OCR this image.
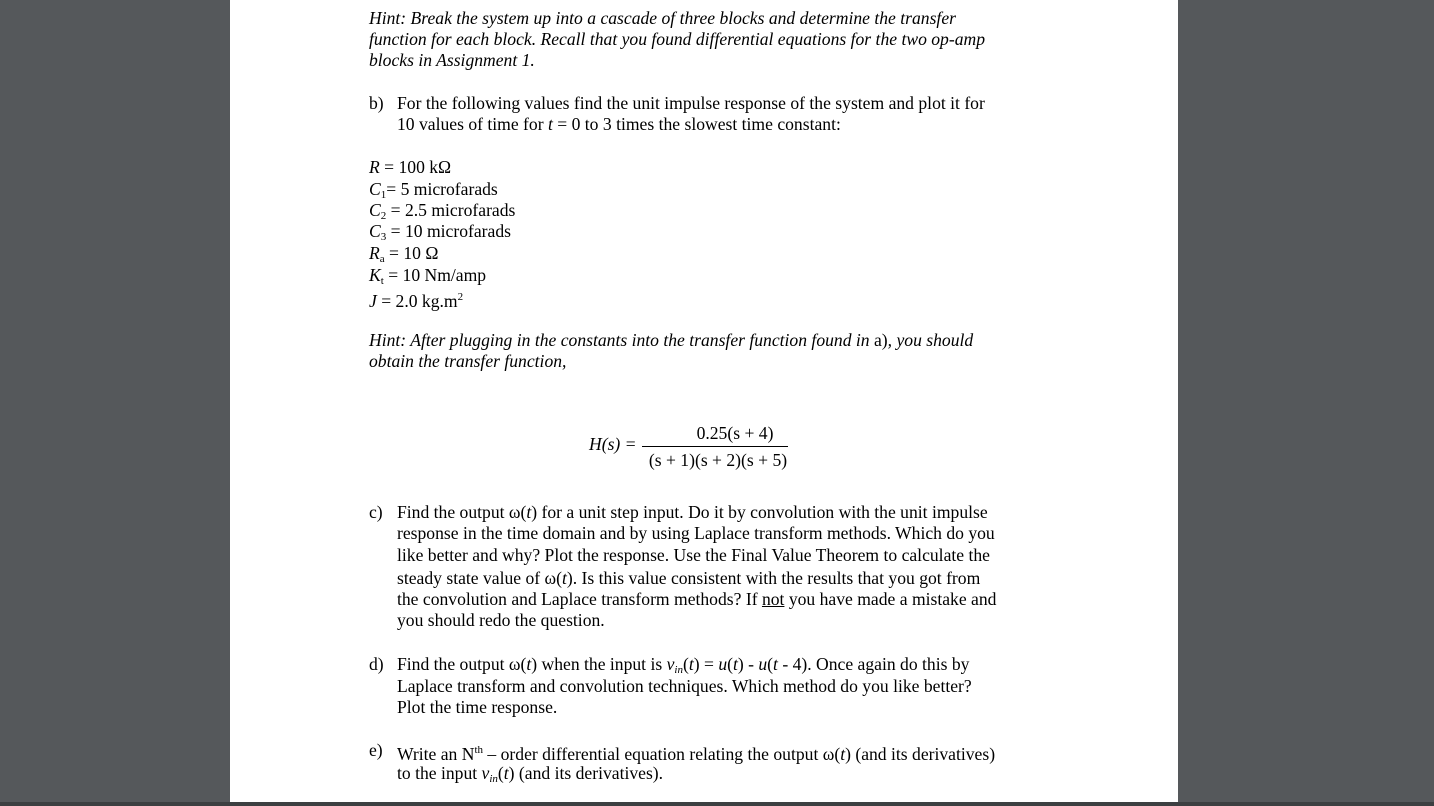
Hint: Break the system up into a cascade of three blocks and determine the transfer
function for each block. Recall that you found differential equations for the two op-amp
blocks in Assignment 1.
b) For the following values find the unit impulse response of the system and plot it for
10 values of time for t = 0 to 3 times the slowest time constant:
R = 100 kΩ
$C_1= 5$ microfarads
$C_2 = 2.5$ microfarads
$C_3 = 10$ microfarads
$R_a = 10$ Ω
$K_t = 10$ Nm/amp
J = 2.0 $kg.m^2$
Hint: After plugging in the constants into the transfer function found in a), you should
obtain the transfer function,
H(s) =
0.25(s + 4)
(s + 1)(s + 2)(s + 5)
c) Find the output ω(t) for a unit step input. Do it by convolution with the unit impulse
response in the time domain and by using Laplace transform methods. Which do you
like better and why? Plot the response. Use the Final Value Theorem to calculate the
steady state value of ω(t). Is this value consistent with the results that you got from
the convolution and Laplace transform methods? If not you have made a mistake and
you should redo the question.
d) Find the output ω(t) when the input is $v_{in}(t) = u(t) - u(t - 4)$. Once again do this by
Laplace transform and convolution techniques. Which method do you like better?
Plot the time response.
e) Write an $N^{th}$ – order differential equation relating the output ω(t) (and its derivatives)
to the input $v_{in}(t)$ (and its derivatives).
